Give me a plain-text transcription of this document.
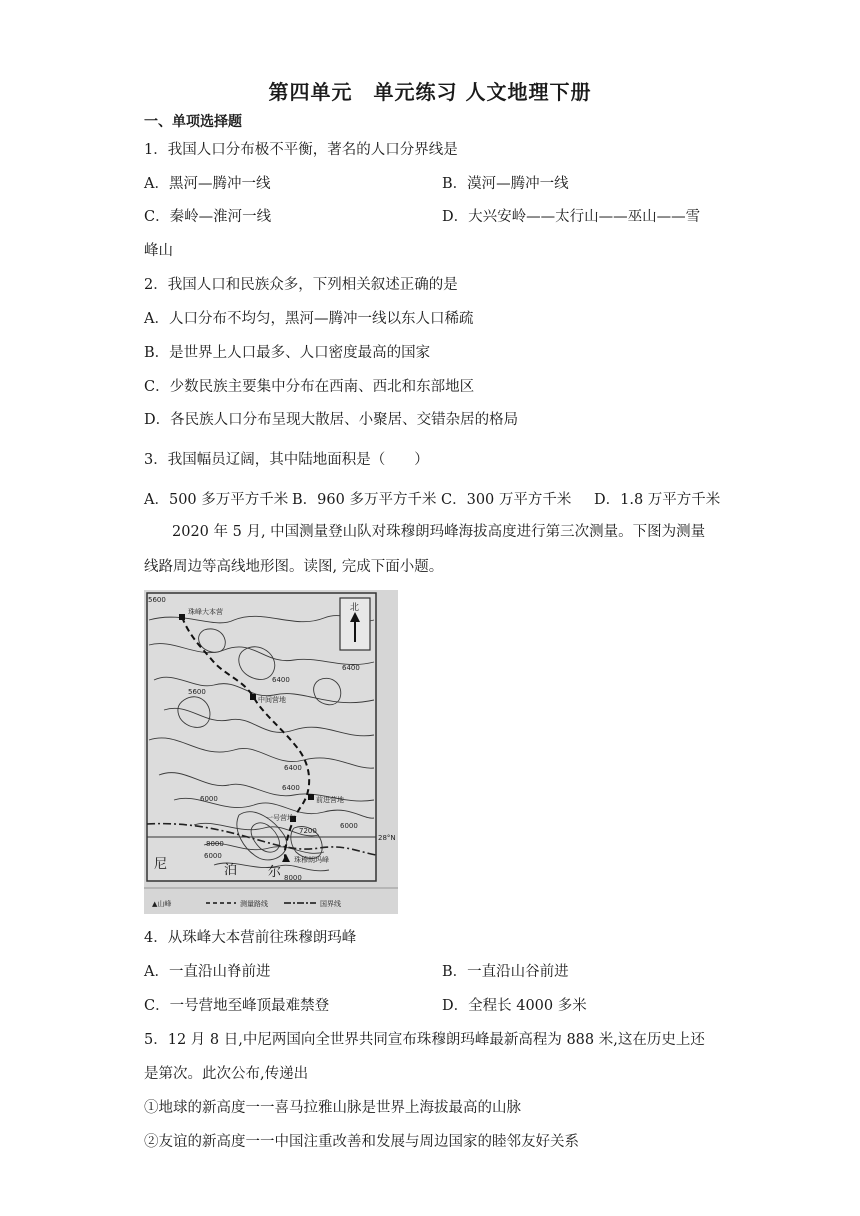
第四单元　单元练习 人文地理下册
一、单项选择题
1．我国人口分布极不平衡，著名的人口分界线是
A．黑河—腾冲一线	B．漠河—腾冲一线
C．秦岭—淮河一线	D．大兴安岭——太行山——巫山——雪
峰山
2．我国人口和民族众多，下列相关叙述正确的是
A．人口分布不均匀，黑河—腾冲一线以东人口稀疏
B．是世界上人口最多、人口密度最高的国家
C．少数民族主要集中分布在西南、西北和东部地区
D．各民族人口分布呈现大散居、小聚居、交错杂居的格局
3．我国幅员辽阔，其中陆地面积是（　　）
A．500 多万平方千米 B．960 多万平方千米 C．300 万平方千米 D．1.8 万平方千米
2020 年 5 月, 中国测量登山队对珠穆朗玛峰海拔高度进行第三次测量。下图为测量
线路周边等高线地形图。读图, 完成下面小题。
北
5600
5600
6400
6400
6000
6000
6400
6400
7200
8000
6000
8000
珠峰大本营
中间营地
前进营地
一号营地
珠穆朗玛峰
28°N
尼	泊 尔
▲山峰	测量路线	国界线
4．从珠峰大本营前往珠穆朗玛峰
A．一直沿山脊前进	B．一直沿山谷前进
C．一号营地至峰顶最难禁登	D．全程长 4000 多米
5．12 月 8 日,中尼两国向全世界共同宣布珠穆朗玛峰最新高程为 888 米,这在历史上还
是第次。此次公布,传递出
①地球的新高度一一喜马拉雅山脉是世界上海拔最高的山脉
②友谊的新高度一一中国注重改善和发展与周边国家的睦邻友好关系
